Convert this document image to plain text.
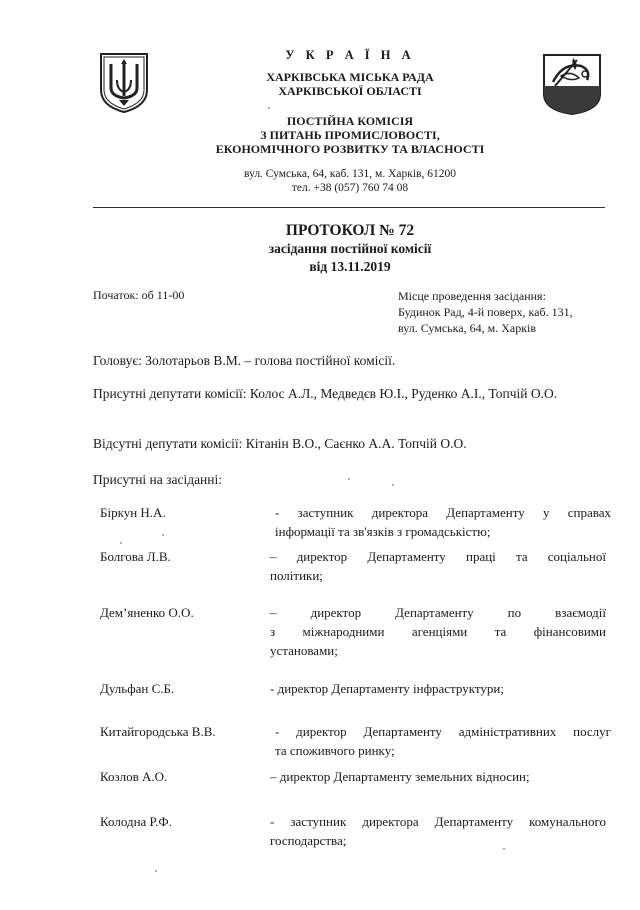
У К Р А Ї Н А
ХАРКІВСЬКА МІСЬКА РАДА
ХАРКІВСЬКОЇ ОБЛАСТІ
ПОСТІЙНА КОМІСІЯ
З ПИТАНЬ ПРОМИСЛОВОСТІ,
ЕКОНОМІЧНОГО РОЗВИТКУ ТА ВЛАСНОСТІ
вул. Сумська, 64, каб. 131, м. Харків, 61200
тел. +38 (057) 760 74 08
ПРОТОКОЛ № 72
засідання постійної комісії
від 13.11.2019
Початок: об 11-00	Місце проведення засідання:
Будинок Рад, 4-й поверх, каб. 131,
вул. Сумська, 64, м. Харків
Головує: Золотарьов В.М. – голова постійної комісії.
Присутні депутати комісії: Колос А.Л., Медведєв Ю.І., Руденко А.І., Топчій О.О.
Відсутні депутати комісії: Кітанін В.О., Саєнко А.А. Топчій О.О.
Присутні на засіданні:
Біркун Н.А.	- заступник директора Департаменту у справах
інформації та зв'язків з громадськістю;
Болгова Л.В.	– директор Департаменту праці та соціальної
політики;
Дем’яненко О.О.	– директор Департаменту по взаємодії
з міжнародними агенціями та фінансовими
установами;
Дульфан С.Б.	- директор Департаменту інфраструктури;
Китайгородська В.В.	- директор Департаменту адміністративних послуг
та споживчого ринку;
Козлов А.О.	– директор Департаменту земельних відносин;
Колодна Р.Ф.	- заступник директора Департаменту комунального
господарства;
